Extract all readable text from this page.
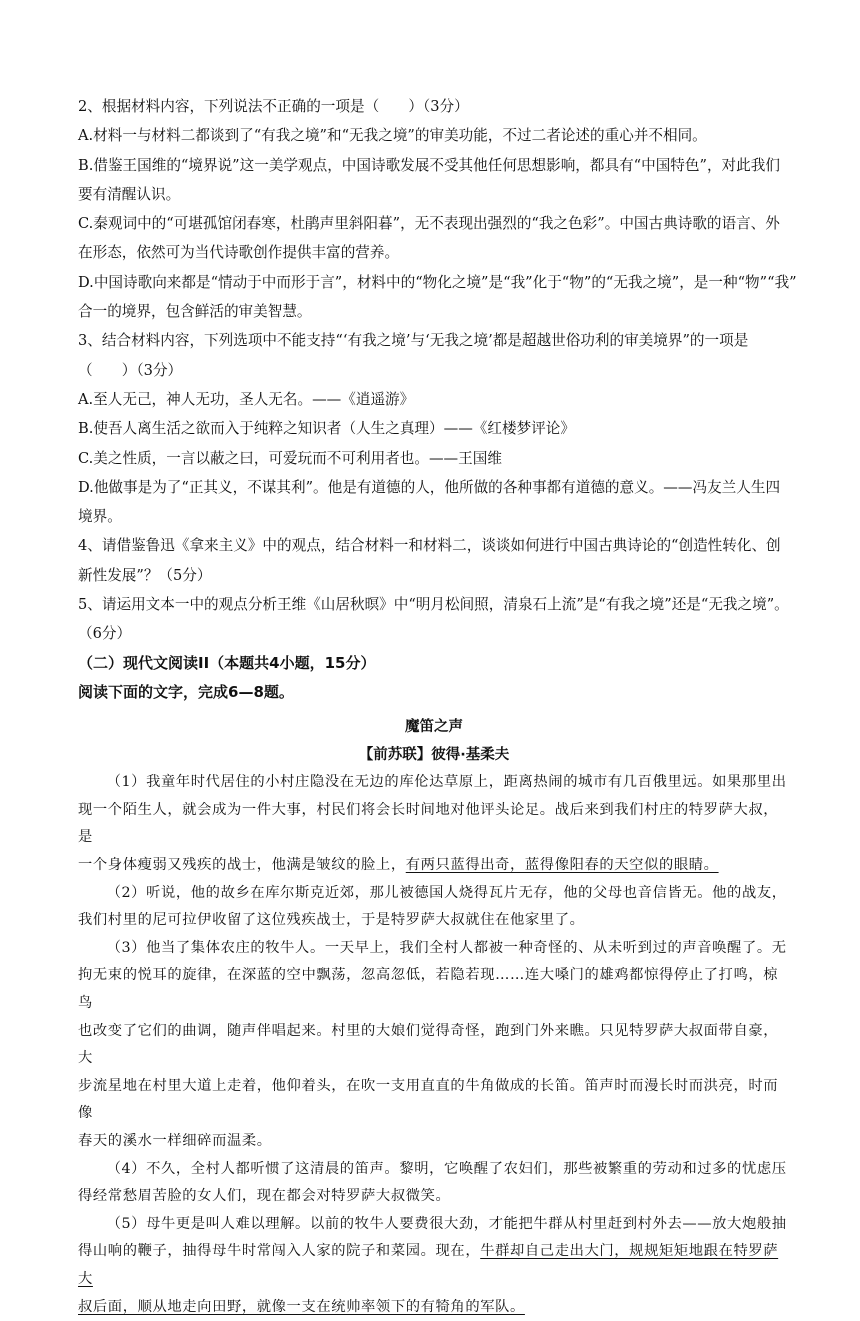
2、根据材料内容，下列说法不正确的一项是（　　）（3分）
A.材料一与材料二都谈到了“有我之境”和“无我之境”的审美功能，不过二者论述的重心并不相同。
B.借鉴王国维的“境界说”这一美学观点，中国诗歌发展不受其他任何思想影响，都具有“中国特色”，对此我们
要有清醒认识。
C.秦观词中的“可堪孤馆闭春寒，杜鹃声里斜阳暮”，无不表现出强烈的“我之色彩”。中国古典诗歌的语言、外
在形态，依然可为当代诗歌创作提供丰富的营养。
D.中国诗歌向来都是“情动于中而形于言”，材料中的“物化之境”是“我”化于“物”的“无我之境”，是一种“物”“我”
合一的境界，包含鲜活的审美智慧。
3、结合材料内容，下列选项中不能支持“‘有我之境’与‘无我之境’都是超越世俗功利的审美境界”的一项是
（　　）（3分）
A.至人无己，神人无功，圣人无名。——《逍遥游》
B.使吾人离生活之欲而入于纯粹之知识者（人生之真理）——《红楼梦评论》
C.美之性质，一言以蔽之曰，可爱玩而不可利用者也。——王国维
D.他做事是为了“正其义，不谋其利”。他是有道德的人，他所做的各种事都有道德的意义。——冯友兰人生四
境界。
4、请借鉴鲁迅《拿来主义》中的观点，结合材料一和材料二，谈谈如何进行中国古典诗论的“创造性转化、创
新性发展”？（5分）
5、请运用文本一中的观点分析王维《山居秋暝》中“明月松间照，清泉石上流”是“有我之境”还是“无我之境”。
（6分）
（二）现代文阅读II（本题共4小题，15分）
阅读下面的文字，完成6—8题。
魔笛之声
【前苏联】彼得·基柔夫
（1）我童年时代居住的小村庄隐没在无边的库伦达草原上，距离热闹的城市有几百俄里远。如果那里出
现一个陌生人，就会成为一件大事，村民们将会长时间地对他评头论足。战后来到我们村庄的特罗萨大叔，是
一个身体瘦弱又残疾的战士，他满是皱纹的脸上，有两只蓝得出奇，蓝得像阳春的天空似的眼睛。
（2）听说，他的故乡在库尔斯克近郊，那儿被德国人烧得瓦片无存，他的父母也音信皆无。他的战友，
我们村里的尼可拉伊收留了这位残疾战士，于是特罗萨大叔就住在他家里了。
（3）他当了集体农庄的牧牛人。一天早上，我们全村人都被一种奇怪的、从未听到过的声音唤醒了。无
拘无束的悦耳的旋律，在深蓝的空中飘荡，忽高忽低，若隐若现……连大嗓门的雄鸡都惊得停止了打鸣，椋鸟
也改变了它们的曲调，随声伴唱起来。村里的大娘们觉得奇怪，跑到门外来瞧。只见特罗萨大叔面带自豪，大
步流星地在村里大道上走着，他仰着头，在吹一支用直直的牛角做成的长笛。笛声时而漫长时而洪亮，时而像
春天的溪水一样细碎而温柔。
（4）不久，全村人都听惯了这清晨的笛声。黎明，它唤醒了农妇们，那些被繁重的劳动和过多的忧虑压
得经常愁眉苦脸的女人们，现在都会对特罗萨大叔微笑。
（5）母牛更是叫人难以理解。以前的牧牛人要费很大劲，才能把牛群从村里赶到村外去——放大炮般抽
得山响的鞭子，抽得母牛时常闯入人家的院子和菜园。现在，牛群却自己走出大门，规规矩矩地跟在特罗萨大
叔后面，顺从地走向田野，就像一支在统帅率领下的有犄角的军队。
